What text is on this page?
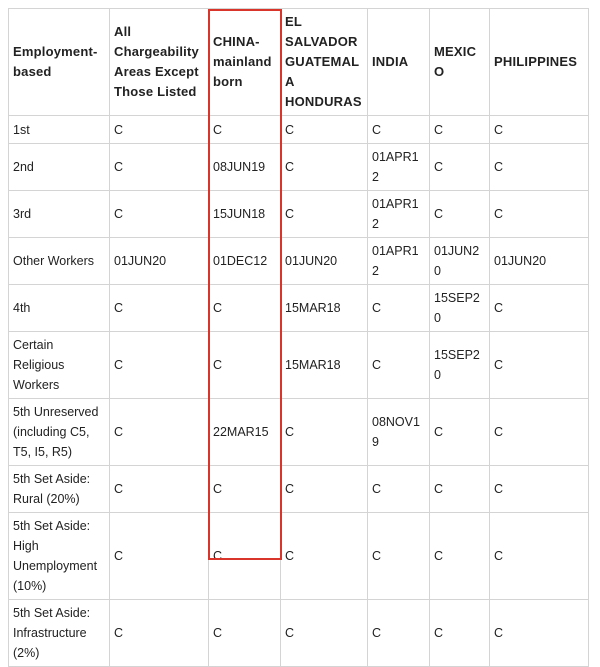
Employment-based	All Chargeability Areas Except Those Listed	CHINA-mainland born	EL SALVADOR GUATEMALA HONDURAS	INDIA	MEXICO	PHILIPPINES
1st	C	C	C	C	C	C
2nd	C	08JUN19	C	01APR12	C	C
3rd	C	15JUN18	C	01APR12	C	C
Other Workers	01JUN20	01DEC12	01JUN20	01APR12	01JUN20	01JUN20
4th	C	C	15MAR18	C	15SEP20	C
Certain Religious Workers	C	C	15MAR18	C	15SEP20	C
5th Unreserved (including C5, T5, I5, R5)	C	22MAR15	C	08NOV19	C	C
5th Set Aside: Rural (20%)	C	C	C	C	C	C
5th Set Aside: High Unemployment (10%)	C	C	C	C	C	C
5th Set Aside: Infrastructure (2%)	C	C	C	C	C	C
